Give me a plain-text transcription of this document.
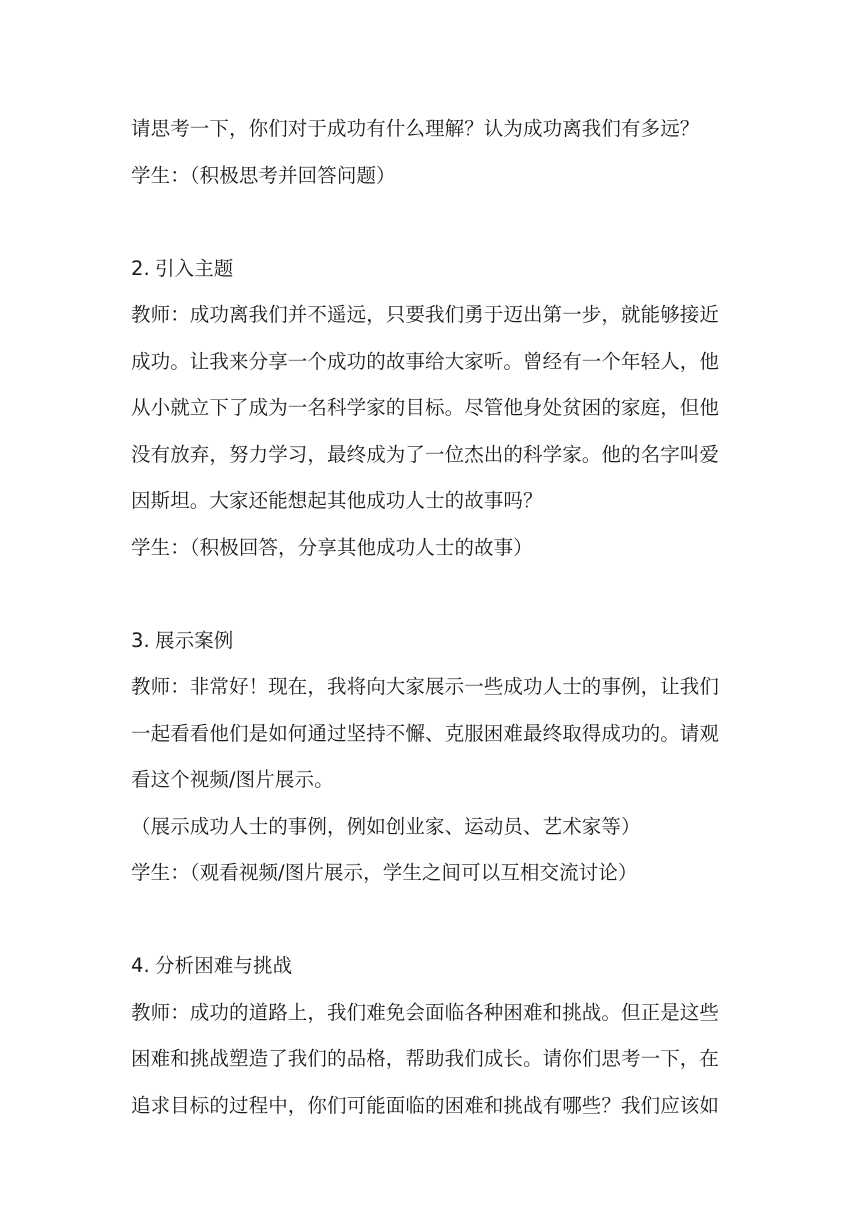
请思考一下，你们对于成功有什么理解？认为成功离我们有多远？
学生：（积极思考并回答问题）
2. 引入主题
教师：成功离我们并不遥远，只要我们勇于迈出第一步，就能够接近
成功。让我来分享一个成功的故事给大家听。曾经有一个年轻人，他
从小就立下了成为一名科学家的目标。尽管他身处贫困的家庭，但他
没有放弃，努力学习，最终成为了一位杰出的科学家。他的名字叫爱
因斯坦。大家还能想起其他成功人士的故事吗？
学生：（积极回答，分享其他成功人士的故事）
3. 展示案例
教师：非常好！现在，我将向大家展示一些成功人士的事例，让我们
一起看看他们是如何通过坚持不懈、克服困难最终取得成功的。请观
看这个视频/图片展示。
（展示成功人士的事例，例如创业家、运动员、艺术家等）
学生：（观看视频/图片展示，学生之间可以互相交流讨论）
4. 分析困难与挑战
教师：成功的道路上，我们难免会面临各种困难和挑战。但正是这些
困难和挑战塑造了我们的品格，帮助我们成长。请你们思考一下，在
追求目标的过程中，你们可能面临的困难和挑战有哪些？我们应该如
